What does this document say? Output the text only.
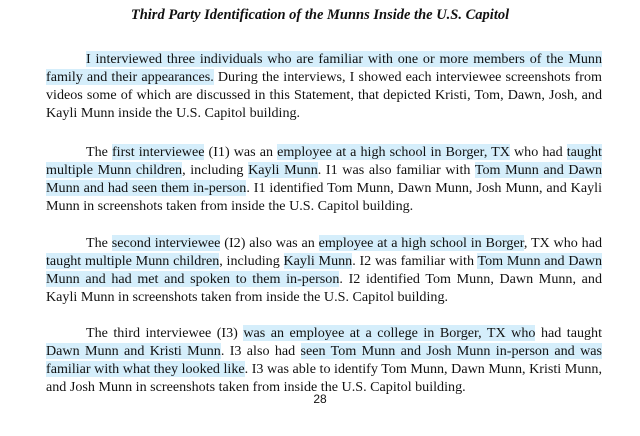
Third Party Identification of the Munns Inside the U.S. Capitol

I interviewed three individuals who are familiar with one or more members of the Munn family and their appearances. During the interviews, I showed each interviewee screenshots from videos some of which are discussed in this Statement, that depicted Kristi, Tom, Dawn, Josh, and Kayli Munn inside the U.S. Capitol building.

The first interviewee (I1) was an employee at a high school in Borger, TX who had taught multiple Munn children, including Kayli Munn. I1 was also familiar with Tom Munn and Dawn Munn and had seen them in-person. I1 identified Tom Munn, Dawn Munn, Josh Munn, and Kayli Munn in screenshots taken from inside the U.S. Capitol building.

The second interviewee (I2) also was an employee at a high school in Borger, TX who had taught multiple Munn children, including Kayli Munn. I2 was familiar with Tom Munn and Dawn Munn and had met and spoken to them in-person. I2 identified Tom Munn, Dawn Munn, and Kayli Munn in screenshots taken from inside the U.S. Capitol building.

The third interviewee (I3) was an employee at a college in Borger, TX who had taught Dawn Munn and Kristi Munn. I3 also had seen Tom Munn and Josh Munn in-person and was familiar with what they looked like. I3 was able to identify Tom Munn, Dawn Munn, Kristi Munn, and Josh Munn in screenshots taken from inside the U.S. Capitol building.

28
